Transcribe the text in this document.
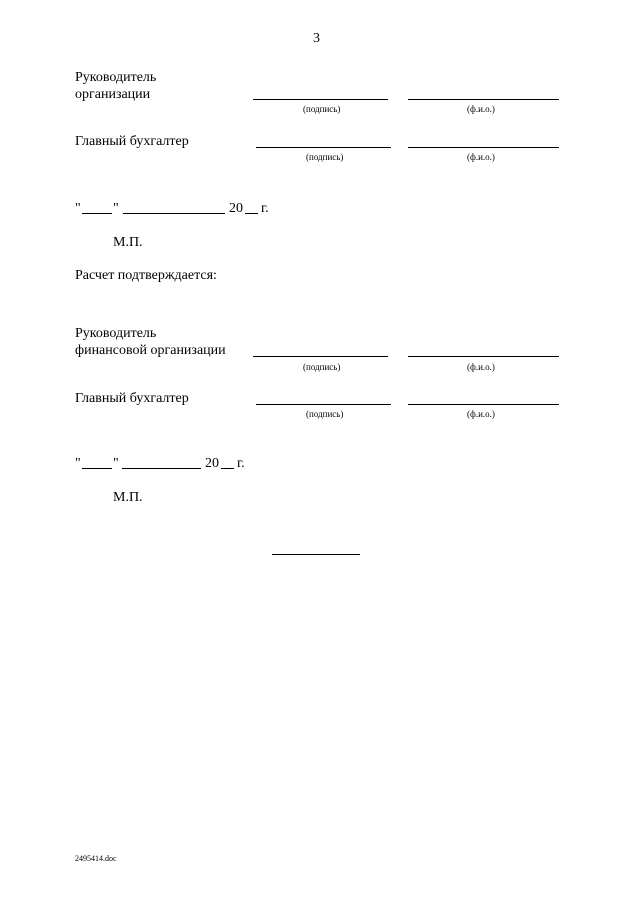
3
Руководитель
организации
(подпись)	(ф.и.о.)
Главный бухгалтер
(подпись)	(ф.и.о.)
" "	20 г.
М.П.
Расчет подтверждается:
Руководитель
финансовой организации
(подпись)	(ф.и.о.)
Главный бухгалтер
(подпись)	(ф.и.о.)
" "	20 г.
М.П.
2495414.doc
